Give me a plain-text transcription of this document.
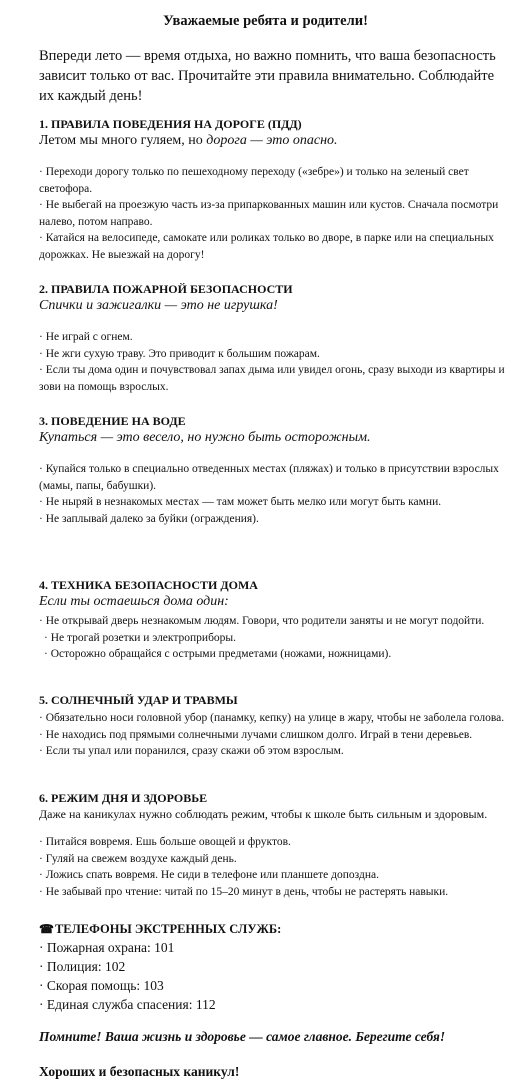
Уважаемые ребята и родители!
Впереди лето — время отдыха, но важно помнить, что ваша безопасность зависит только от вас. Прочитайте эти правила внимательно. Соблюдайте их каждый день!

1. ПРАВИЛА ПОВЕДЕНИЯ НА ДОРОГЕ (ПДД)

Летом мы много гуляем, но дорога — это опасно.

· Переходи дорогу только по пешеходному переходу («зебре») и только на зеленый свет светофора.
· Не выбегай на проезжую часть из-за припаркованных машин или кустов. Сначала посмотри налево, потом направо.
· Катайся на велосипеде, самокате или роликах только во дворе, в парке или на специальных дорожках. Не выезжай на дорогу!

2. ПРАВИЛА ПОЖАРНОЙ БЕЗОПАСНОСТИ

Спички и зажигалки — это не игрушка!

· Не играй с огнем.
· Не жги сухую траву. Это приводит к большим пожарам.
· Если ты дома один и почувствовал запах дыма или увидел огонь, сразу выходи из квартиры и зови на помощь взрослых.

3. ПОВЕДЕНИЕ НА ВОДЕ

Купаться — это весело, но нужно быть осторожным.

· Купайся только в специально отведенных местах (пляжах) и только в присутствии взрослых (мамы, папы, бабушки).
· Не ныряй в незнакомых местах — там может быть мелко или могут быть камни.
· Не заплывай далеко за буйки (ограждения).

4. ТЕХНИКА БЕЗОПАСНОСТИ ДОМА

Если ты остаешься дома один:

· Не открывай дверь незнакомым людям. Говори, что родители заняты и не могут подойти.
· Не трогай розетки и электроприборы.
· Осторожно обращайся с острыми предметами (ножами, ножницами).

5. СОЛНЕЧНЫЙ УДАР И ТРАВМЫ

· Обязательно носи головной убор (панамку, кепку) на улице в жару, чтобы не заболела голова.
· Не находись под прямыми солнечными лучами слишком долго. Играй в тени деревьев.
· Если ты упал или поранился, сразу скажи об этом взрослым.

6. РЕЖИМ ДНЯ И ЗДОРОВЬЕ

Даже на каникулах нужно соблюдать режим, чтобы к школе быть сильным и здоровым.

· Питайся вовремя. Ешь больше овощей и фруктов.
· Гуляй на свежем воздухе каждый день.
· Ложись спать вовремя. Не сиди в телефоне или планшете допоздна.
· Не забывай про чтение: читай по 15–20 минут в день, чтобы не растерять навыки.

☎ТЕЛЕФОНЫ ЭКСТРЕННЫХ СЛУЖБ:

· Пожарная охрана: 101
· Полиция: 102
· Скорая помощь: 103
· Единая служба спасения: 112
Помните! Ваша жизнь и здоровье — самое главное. Берегите себя!
Хороших и безопасных каникул!
